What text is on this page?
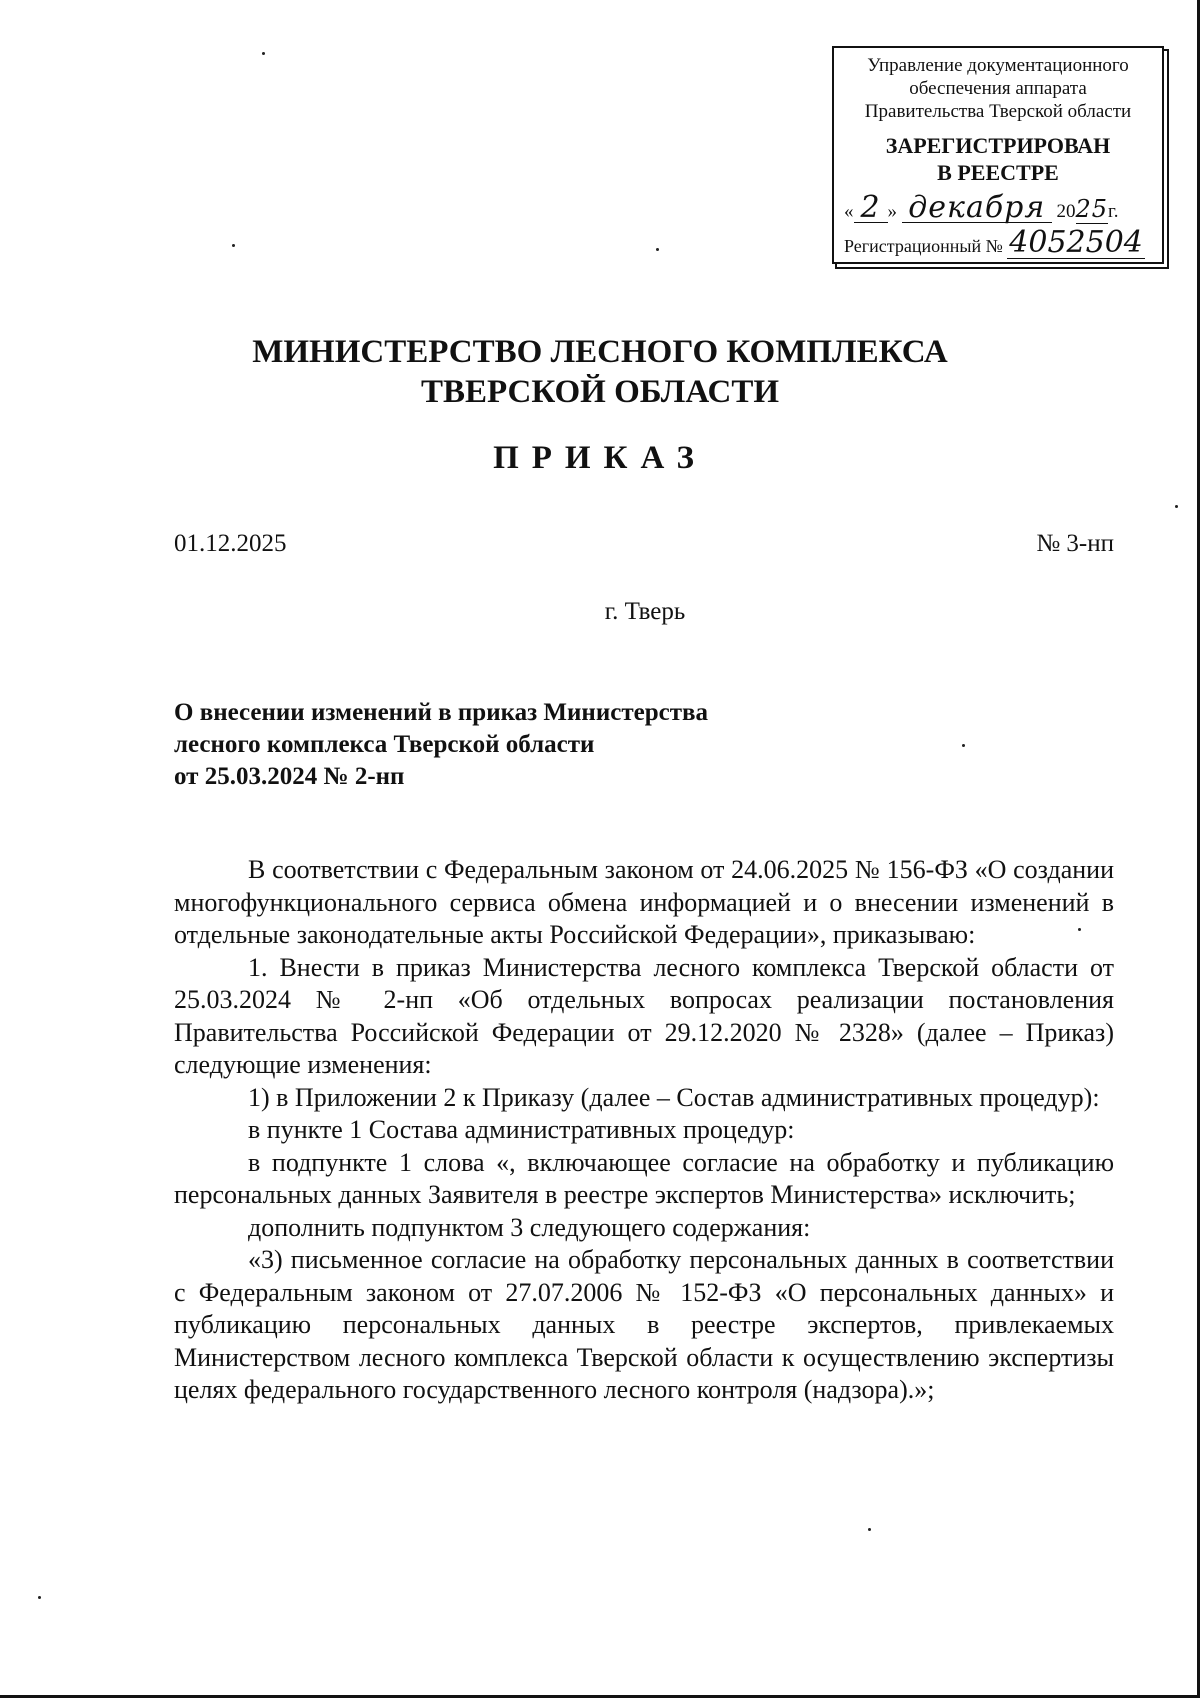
Управление документационного
обеспечения аппарата
Правительства Тверской области
ЗАРЕГИСТРИРОВАН
В РЕЕСТРЕ
« 2 » декабря 2025г.
Регистрационный № 4052504
МИНИСТЕРСТВО ЛЕСНОГО КОМПЛЕКСА
ТВЕРСКОЙ ОБЛАСТИ
ПРИКАЗ
01.12.2025	№ 3-нп
г. Тверь
О внесении изменений в приказ Министерства
лесного комплекса Тверской области
от 25.03.2024 № 2-нп

В соответствии с Федеральным законом от 24.06.2025 № 156-ФЗ «О создании многофункционального сервиса обмена информацией и о внесении изменений в отдельные законодательные акты Российской Федерации», приказываю:

1. Внести в приказ Министерства лесного комплекса Тверской области от 25.03.2024 № 2-нп «Об отдельных вопросах реализации постановления Правительства Российской Федерации от 29.12.2020 № 2328» (далее – Приказ) следующие изменения:

1) в Приложении 2 к Приказу (далее – Состав административных процедур):

в пункте 1 Состава административных процедур:

в подпункте 1 слова «, включающее согласие на обработку и публикацию персональных данных Заявителя в реестре экспертов Министерства» исключить;

дополнить подпунктом 3 следующего содержания:

«3) письменное согласие на обработку персональных данных в соответствии с Федеральным законом от 27.07.2006 № 152-ФЗ «О персональных данных» и публикацию персональных данных в реестре экспертов, привлекаемых Министерством лесного комплекса Тверской области к осуществлению экспертизы целях федерального государственного лесного контроля (надзора).»;
